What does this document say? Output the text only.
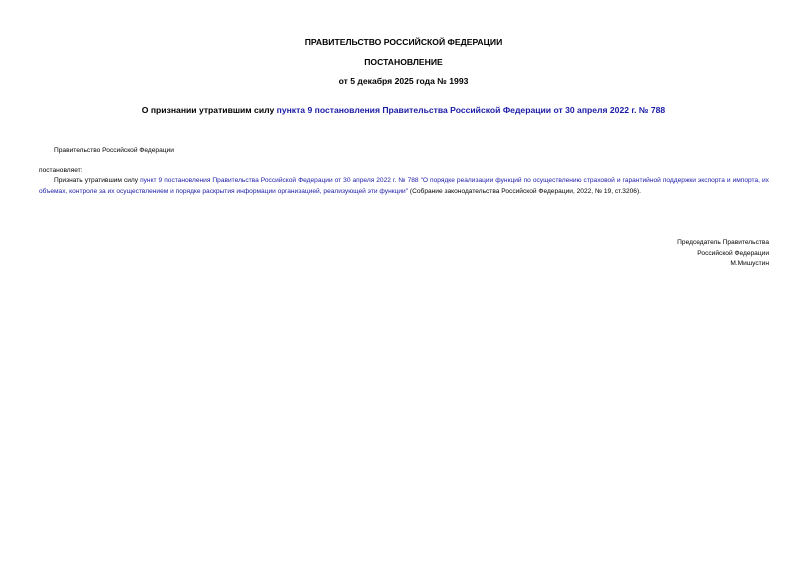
ПРАВИТЕЛЬСТВО РОССИЙСКОЙ ФЕДЕРАЦИИ
ПОСТАНОВЛЕНИЕ
от 5 декабря 2025 года № 1993
О признании утратившим силу пункта 9 постановления Правительства Российской Федерации от 30 апреля 2022 г. № 788
Правительство Российской Федерации
постановляет:
Признать утратившим силу пункт 9 постановления Правительства Российской Федерации от 30 апреля 2022 г. № 788 "О порядке реализации функций по осуществлению страховой и гарантийной поддержки экспорта и импорта, их объемах, контроле за их осуществлением и порядке раскрытия информации организацией, реализующей эти функции" (Собрание законодательства Российской Федерации, 2022, № 19, ст.3206).
Председатель Правительства
Российской Федерации
М.Мишустин
